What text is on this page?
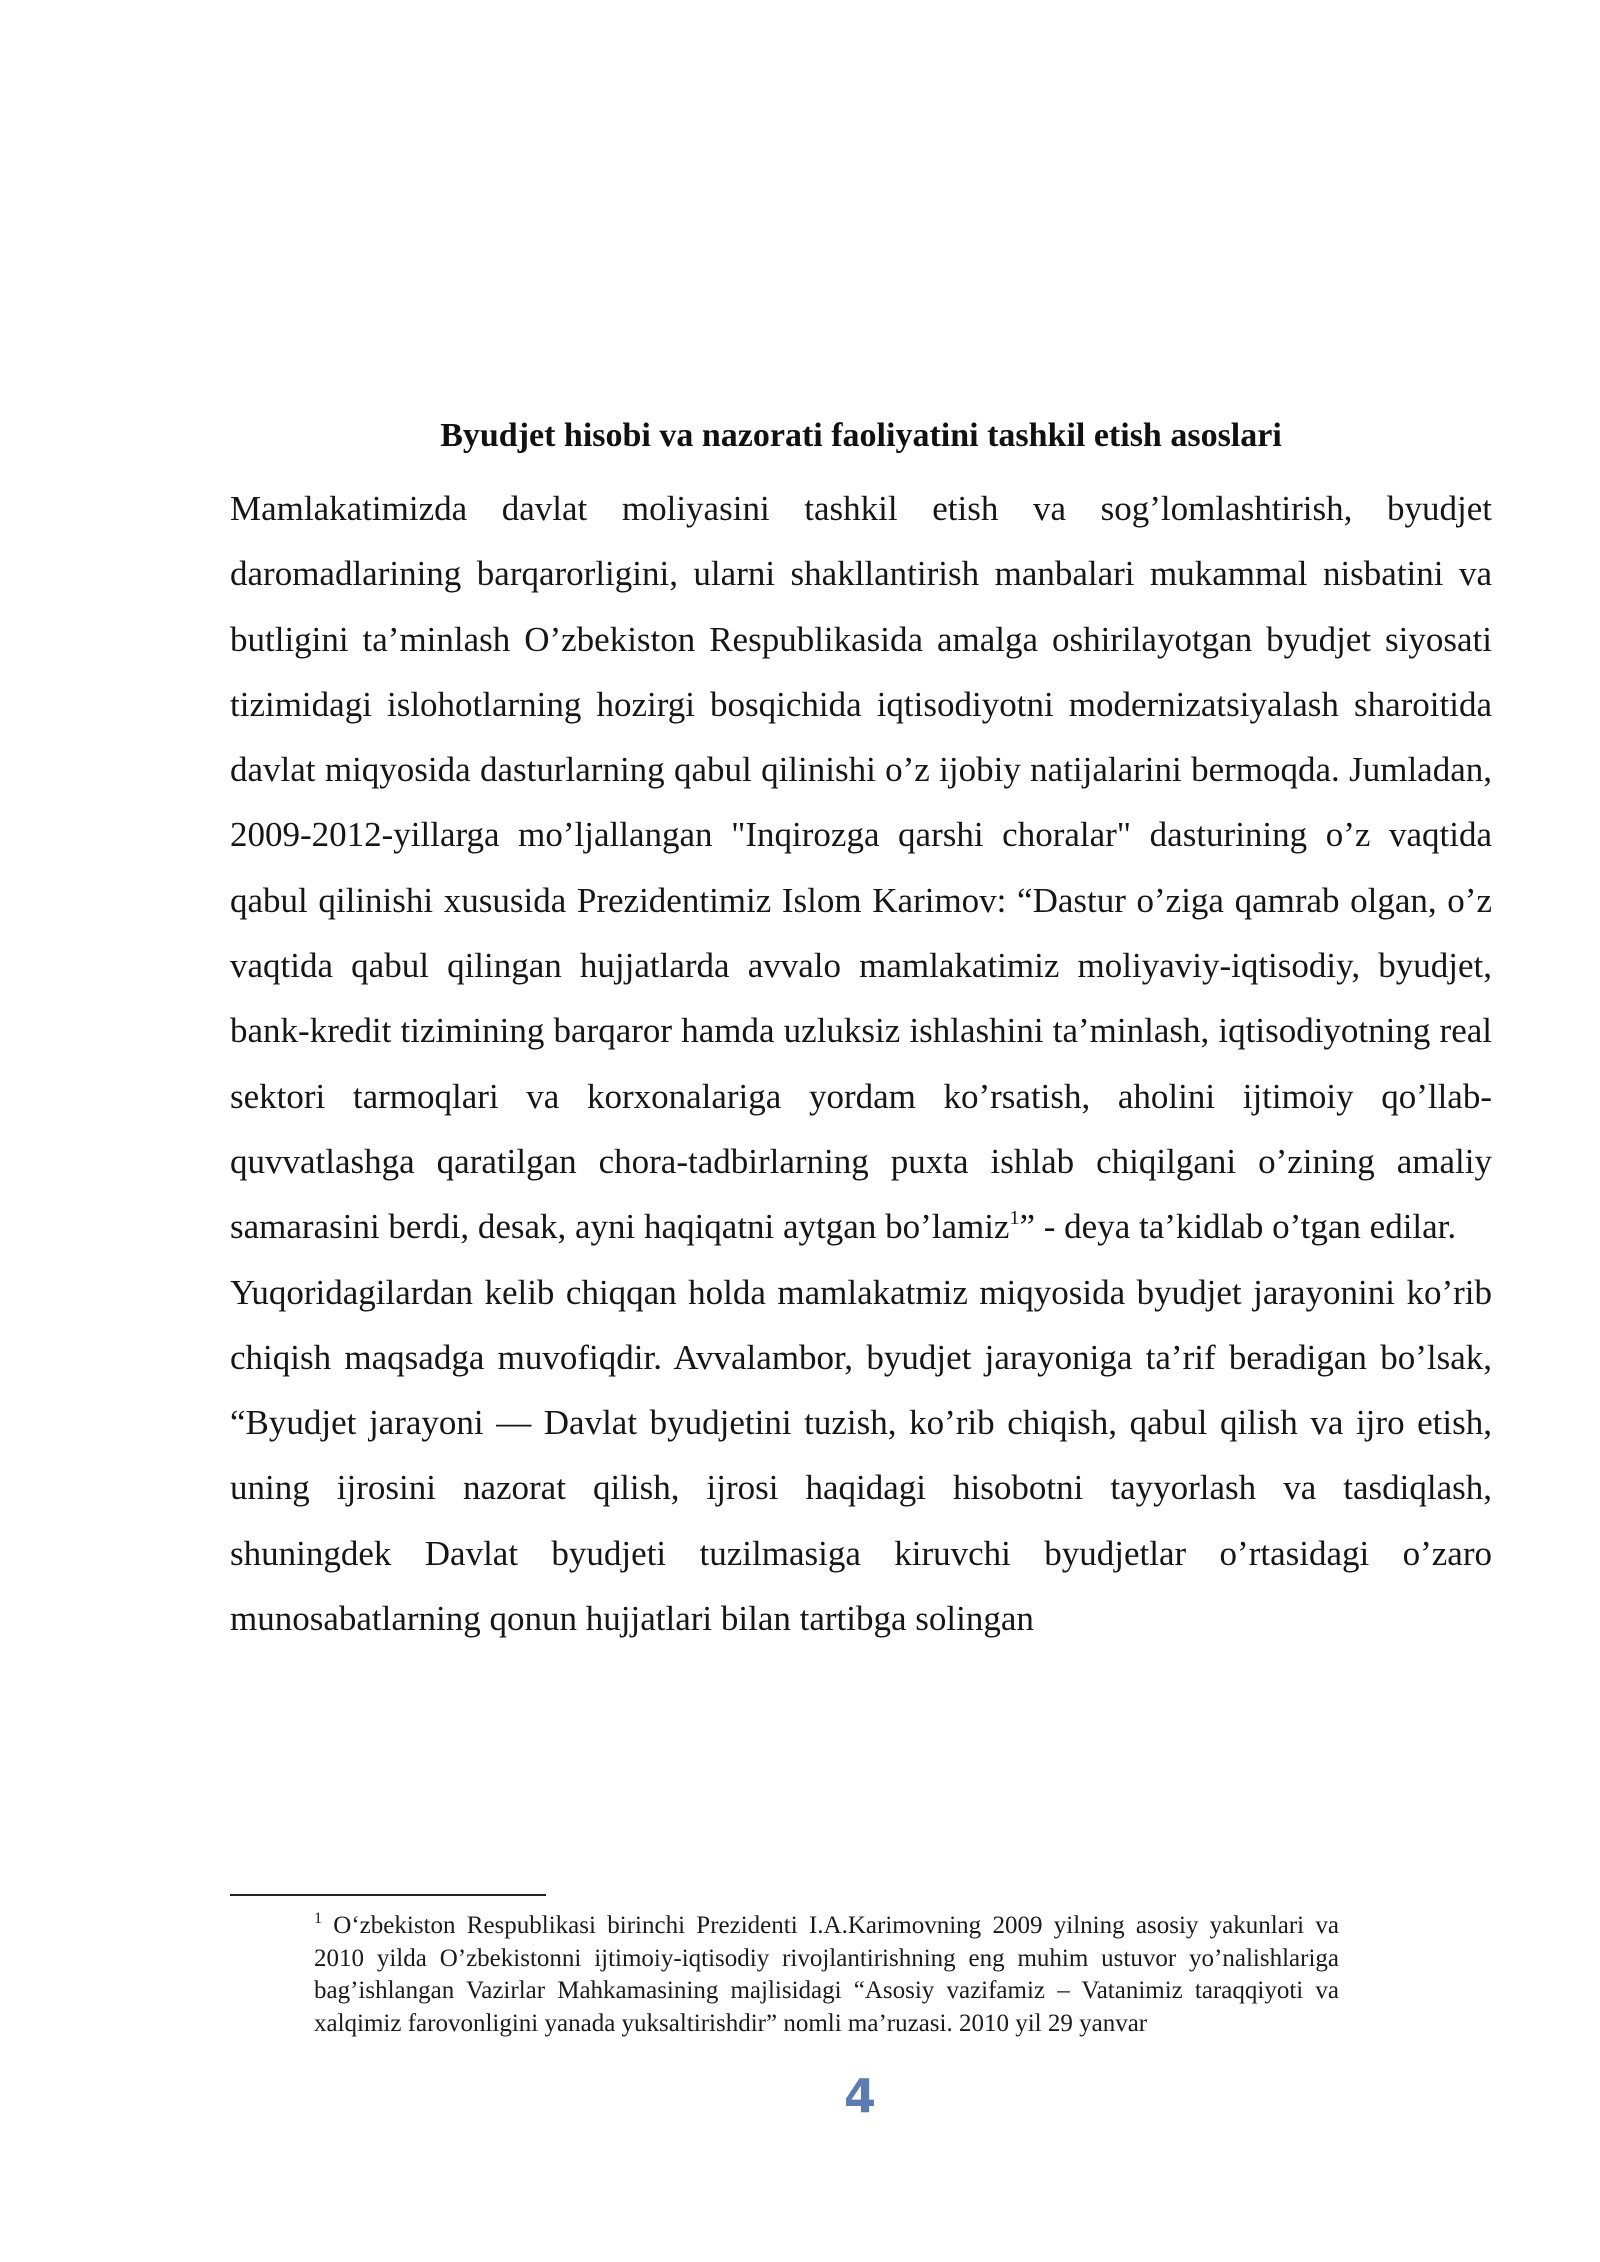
Byudjet hisobi va nazorati faoliyatini tashkil etish asoslari

Mamlakatimizda davlat moliyasini tashkil etish va sog’lomlashtirish, byudjet daromadlarining barqarorligini, ularni shakllantirish manbalari mukammal nisbatini va butligini ta’minlash O’zbekiston Respublikasida amalga oshirilayotgan byudjet siyosati tizimidagi islohotlarning hozirgi bosqichida iqtisodiyotni modernizatsiyalash sharoitida davlat miqyosida dasturlarning qabul qilinishi o’z ijobiy natijalarini bermoqda. Jumladan, 2009-2012-yillarga mo’ljallangan "Inqirozga qarshi choralar" dasturining o’z vaqtida qabul qilinishi xususida Prezidentimiz Islom Karimov: “Dastur o’ziga qamrab olgan, o’z vaqtida qabul qilingan hujjatlarda avvalo mamlakatimiz moliyaviy-iqtisodiy, byudjet, bank-kredit tizimining barqaror hamda uzluksiz ishlashini ta’minlash, iqtisodiyotning real sektori tarmoqlari va korxonalariga yordam ko’rsatish, aholini ijtimoiy qo’llab-quvvatlashga qaratilgan chora-tadbirlarning puxta ishlab chiqilgani o’zining amaliy samarasini berdi, desak, ayni haqiqatni aytgan bo’lamiz$^1$” - deya ta’kidlab o’tgan edilar.

Yuqoridagilardan kelib chiqqan holda mamlakatmiz miqyosida byudjet jarayonini ko’rib chiqish maqsadga muvofiqdir. Avvalambor, byudjet jarayoniga ta’rif beradigan bo’lsak, “Byudjet jarayoni — Davlat byudjetini tuzish, ko’rib chiqish, qabul qilish va ijro etish, uning ijrosini nazorat qilish, ijrosi haqidagi hisobotni tayyorlash va tasdiqlash, shuningdek Davlat byudjeti tuzilmasiga kiruvchi byudjetlar o’rtasidagi o’zaro munosabatlarning qonun hujjatlari bilan tartibga solingan

$^1$ O‘zbekiston Respublikasi birinchi Prezidenti I.A.Karimovning 2009 yilning asosiy yakunlari va 2010 yilda O’zbekistonni ijtimoiy-iqtisodiy rivojlantirishning eng muhim ustuvor yo’nalishlariga bag’ishlangan Vazirlar Mahkamasining majlisidagi “Asosiy vazifamiz – Vatanimiz taraqqiyoti va xalqimiz farovonligini yanada yuksaltirishdir” nomli ma’ruzasi. 2010 yil 29 yanvar

4
